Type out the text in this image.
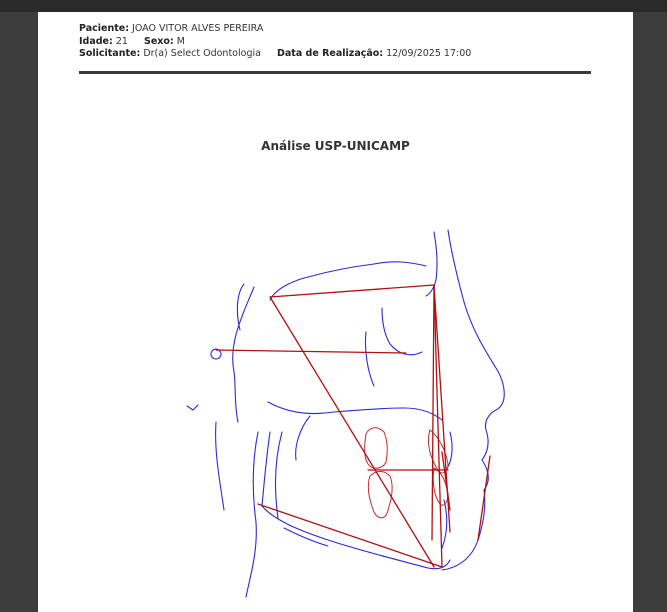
Paciente: JOAO VITOR ALVES PEREIRA
Idade: 21 Sexo: M
Solicitante: Dr(a) Select Odontologia Data de Realização: 12/09/2025 17:00
Análise USP-UNICAMP
